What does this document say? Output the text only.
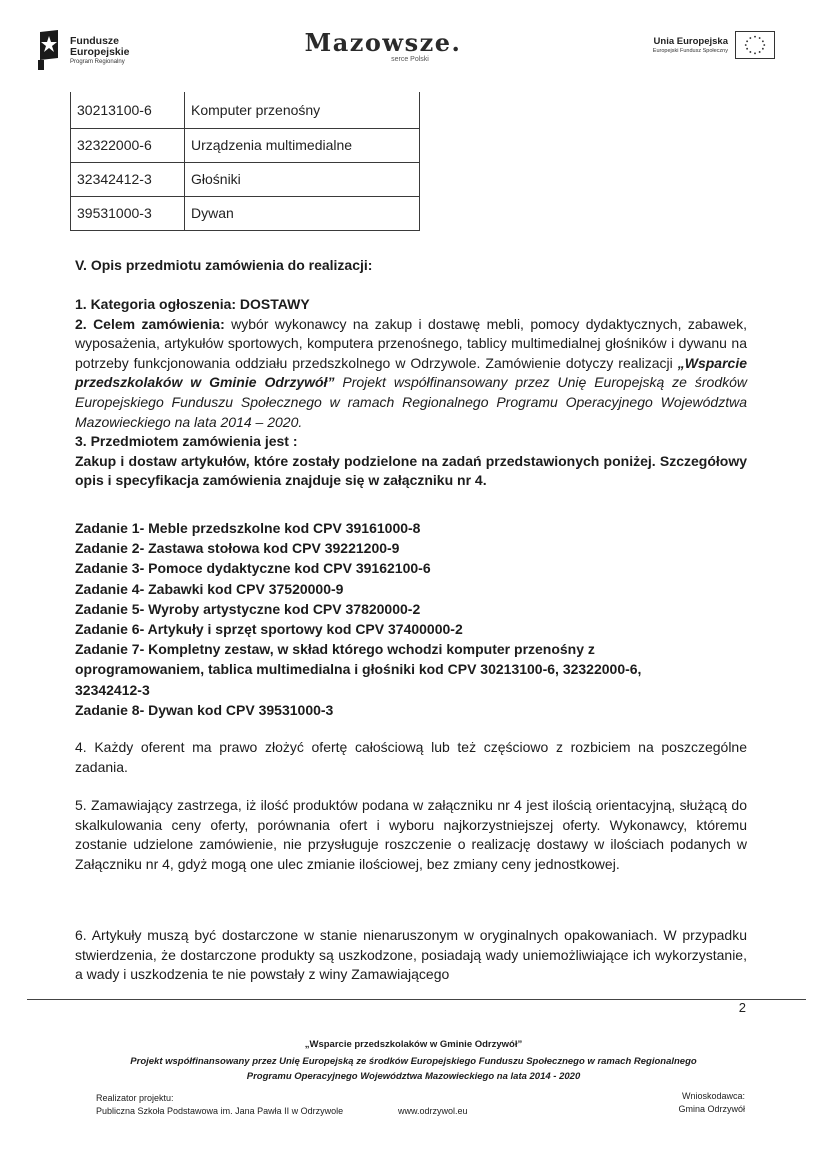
Fundusze
Europejskie
Program Regionalny
Mazowsze.
serce Polski
Unia Europejska
Europejski Fundusz Społeczny
30213100-6	Komputer przenośny
32322000-6	Urządzenia multimedialne
32342412-3	Głośniki
39531000-3	Dywan
V. Opis przedmiotu zamówienia do realizacji:

1. Kategoria ogłoszenia: DOSTAWY

2. Celem zamówienia: wybór wykonawcy na zakup i dostawę mebli, pomocy dydaktycznych, zabawek, wyposażenia, artykułów sportowych, komputera przenośnego, tablicy multimedialnej głośników i dywanu na potrzeby funkcjonowania oddziału przedszkolnego w Odrzywole. Zamówienie dotyczy realizacji „Wsparcie przedszkolaków w Gminie Odrzywół” Projekt współfinansowany przez Unię Europejską ze środków Europejskiego Funduszu Społecznego w ramach Regionalnego Programu Operacyjnego Województwa Mazowieckiego na lata 2014 – 2020.

3. Przedmiotem zamówienia jest :

Zakup i dostaw artykułów, które zostały podzielone na zadań przedstawionych poniżej. Szczegółowy opis i specyfikacja zamówienia znajduje się w załączniku nr 4.

Zadanie 1- Meble przedszkolne kod CPV 39161000-8
Zadanie 2- Zastawa stołowa kod CPV 39221200-9
Zadanie 3- Pomoce dydaktyczne kod CPV 39162100-6
Zadanie 4- Zabawki kod CPV 37520000-9
Zadanie 5- Wyroby artystyczne kod CPV 37820000-2
Zadanie 6- Artykuły i sprzęt sportowy kod CPV 37400000-2
Zadanie 7- Kompletny zestaw, w skład którego wchodzi komputer przenośny z oprogramowaniem, tablica multimedialna i głośniki kod CPV 30213100-6, 32322000-6, 32342412-3
Zadanie 8- Dywan kod CPV 39531000-3

4. Każdy oferent ma prawo złożyć ofertę całościową lub też częściowo z rozbiciem na poszczególne zadania.

5. Zamawiający zastrzega, iż ilość produktów podana w załączniku nr 4 jest ilością orientacyjną, służącą do skalkulowania ceny oferty, porównania ofert i wyboru najkorzystniejszej oferty. Wykonawcy, któremu zostanie udzielone zamówienie, nie przysługuje roszczenie o realizację dostawy w ilościach podanych w Załączniku nr 4, gdyż mogą one ulec zmianie ilościowej, bez zmiany ceny jednostkowej.

6. Artykuły muszą być dostarczone w stanie nienaruszonym w oryginalnych opakowaniach. W przypadku stwierdzenia, że dostarczone produkty są uszkodzone, posiadają wady uniemożliwiające ich wykorzystanie, a wady i uszkodzenia te nie powstały z winy Zamawiającego

2
„Wsparcie przedszkolaków w Gminie Odrzywół”
Projekt współfinansowany przez Unię Europejską ze środków Europejskiego Funduszu Społecznego w ramach Regionalnego
Programu Operacyjnego Województwa Mazowieckiego na lata 2014 - 2020
Realizator projektu:
Publiczna Szkoła Podstawowa im. Jana Pawła II w Odrzywole	www.odrzywol.eu
Wnioskodawca:
Gmina Odrzywół
